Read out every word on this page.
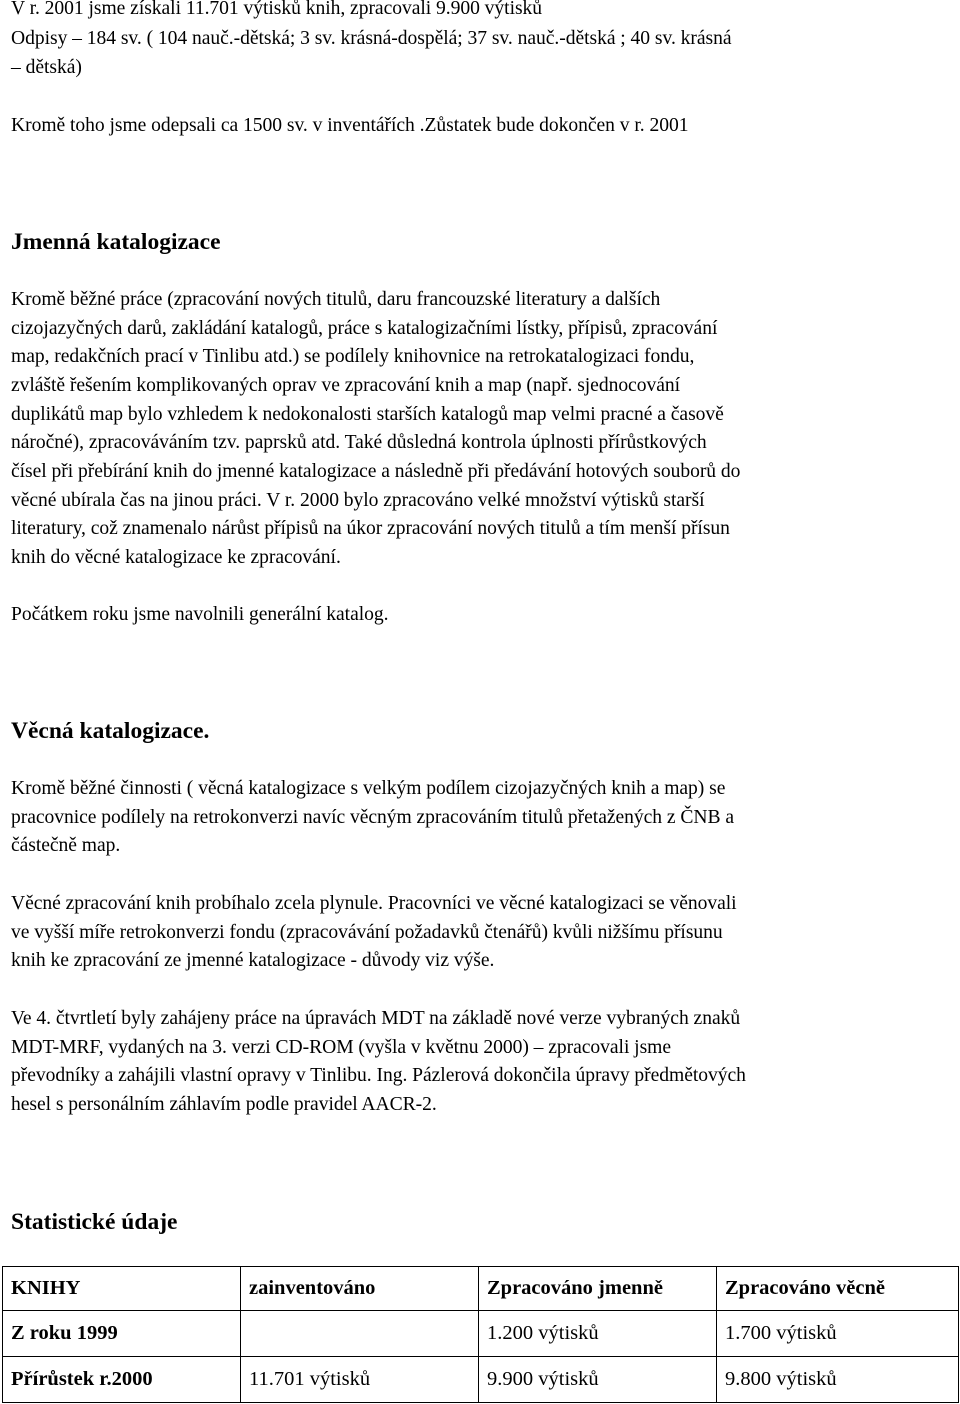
V r. 2001 jsme získali 11.701 výtisků knih, zpracovali 9.900 výtisků

Odpisy – 184 sv. ( 104 nauč.-dětská; 3 sv. krásná-dospělá; 37 sv. nauč.-dětská ; 40 sv. krásná

– dětská)

Kromě toho jsme odepsali ca 1500 sv. v inventářích .Zůstatek bude dokončen v r. 2001

Jmenná katalogizace

Kromě běžné práce (zpracování nových titulů, daru francouzské literatury a dalších

cizojazyčných darů, zakládání katalogů, práce s katalogizačními lístky, přípisů, zpracování

map, redakčních prací v Tinlibu atd.) se podílely knihovnice na retrokatalogizaci fondu,

zvláště řešením komplikovaných oprav ve zpracování knih a map (např. sjednocování

duplikátů map bylo vzhledem k nedokonalosti starších katalogů map velmi pracné a časově

náročné), zpracováváním tzv. paprsků atd. Také důsledná kontrola úplnosti přírůstkových

čísel při přebírání knih do jmenné katalogizace a následně při předávání hotových souborů do

věcné ubírala čas na jinou práci. V r. 2000 bylo zpracováno velké množství výtisků starší

literatury, což znamenalo nárůst přípisů na úkor zpracování nových titulů a tím menší přísun

knih do věcné katalogizace ke zpracování.

Počátkem roku jsme navolnili generální katalog.

Věcná katalogizace.

Kromě běžné činnosti ( věcná katalogizace s velkým podílem cizojazyčných knih a map) se

pracovnice podílely na retrokonverzi navíc věcným zpracováním titulů přetažených z ČNB a

částečně map.

Věcné zpracování knih probíhalo zcela plynule. Pracovníci ve věcné katalogizaci se věnovali

ve vyšší míře retrokonverzi fondu (zpracovávání požadavků čtenářů) kvůli nižšímu přísunu

knih ke zpracování ze jmenné katalogizace - důvody viz výše.

Ve 4. čtvrtletí byly zahájeny práce na úpravách MDT na základě nové verze vybraných znaků

MDT-MRF, vydaných na 3. verzi CD-ROM (vyšla v květnu 2000) – zpracovali jsme

převodníky a zahájili vlastní opravy v Tinlibu. Ing. Pázlerová dokončila úpravy předmětových

hesel s personálním záhlavím podle pravidel AACR-2.

Statistické údaje
KNIHY	zainventováno	Zpracováno jmenně	Zpracováno věcně
Z roku 1999		1.200 výtisků	1.700 výtisků
Přírůstek r.2000	11.701 výtisků	9.900 výtisků	9.800 výtisků
